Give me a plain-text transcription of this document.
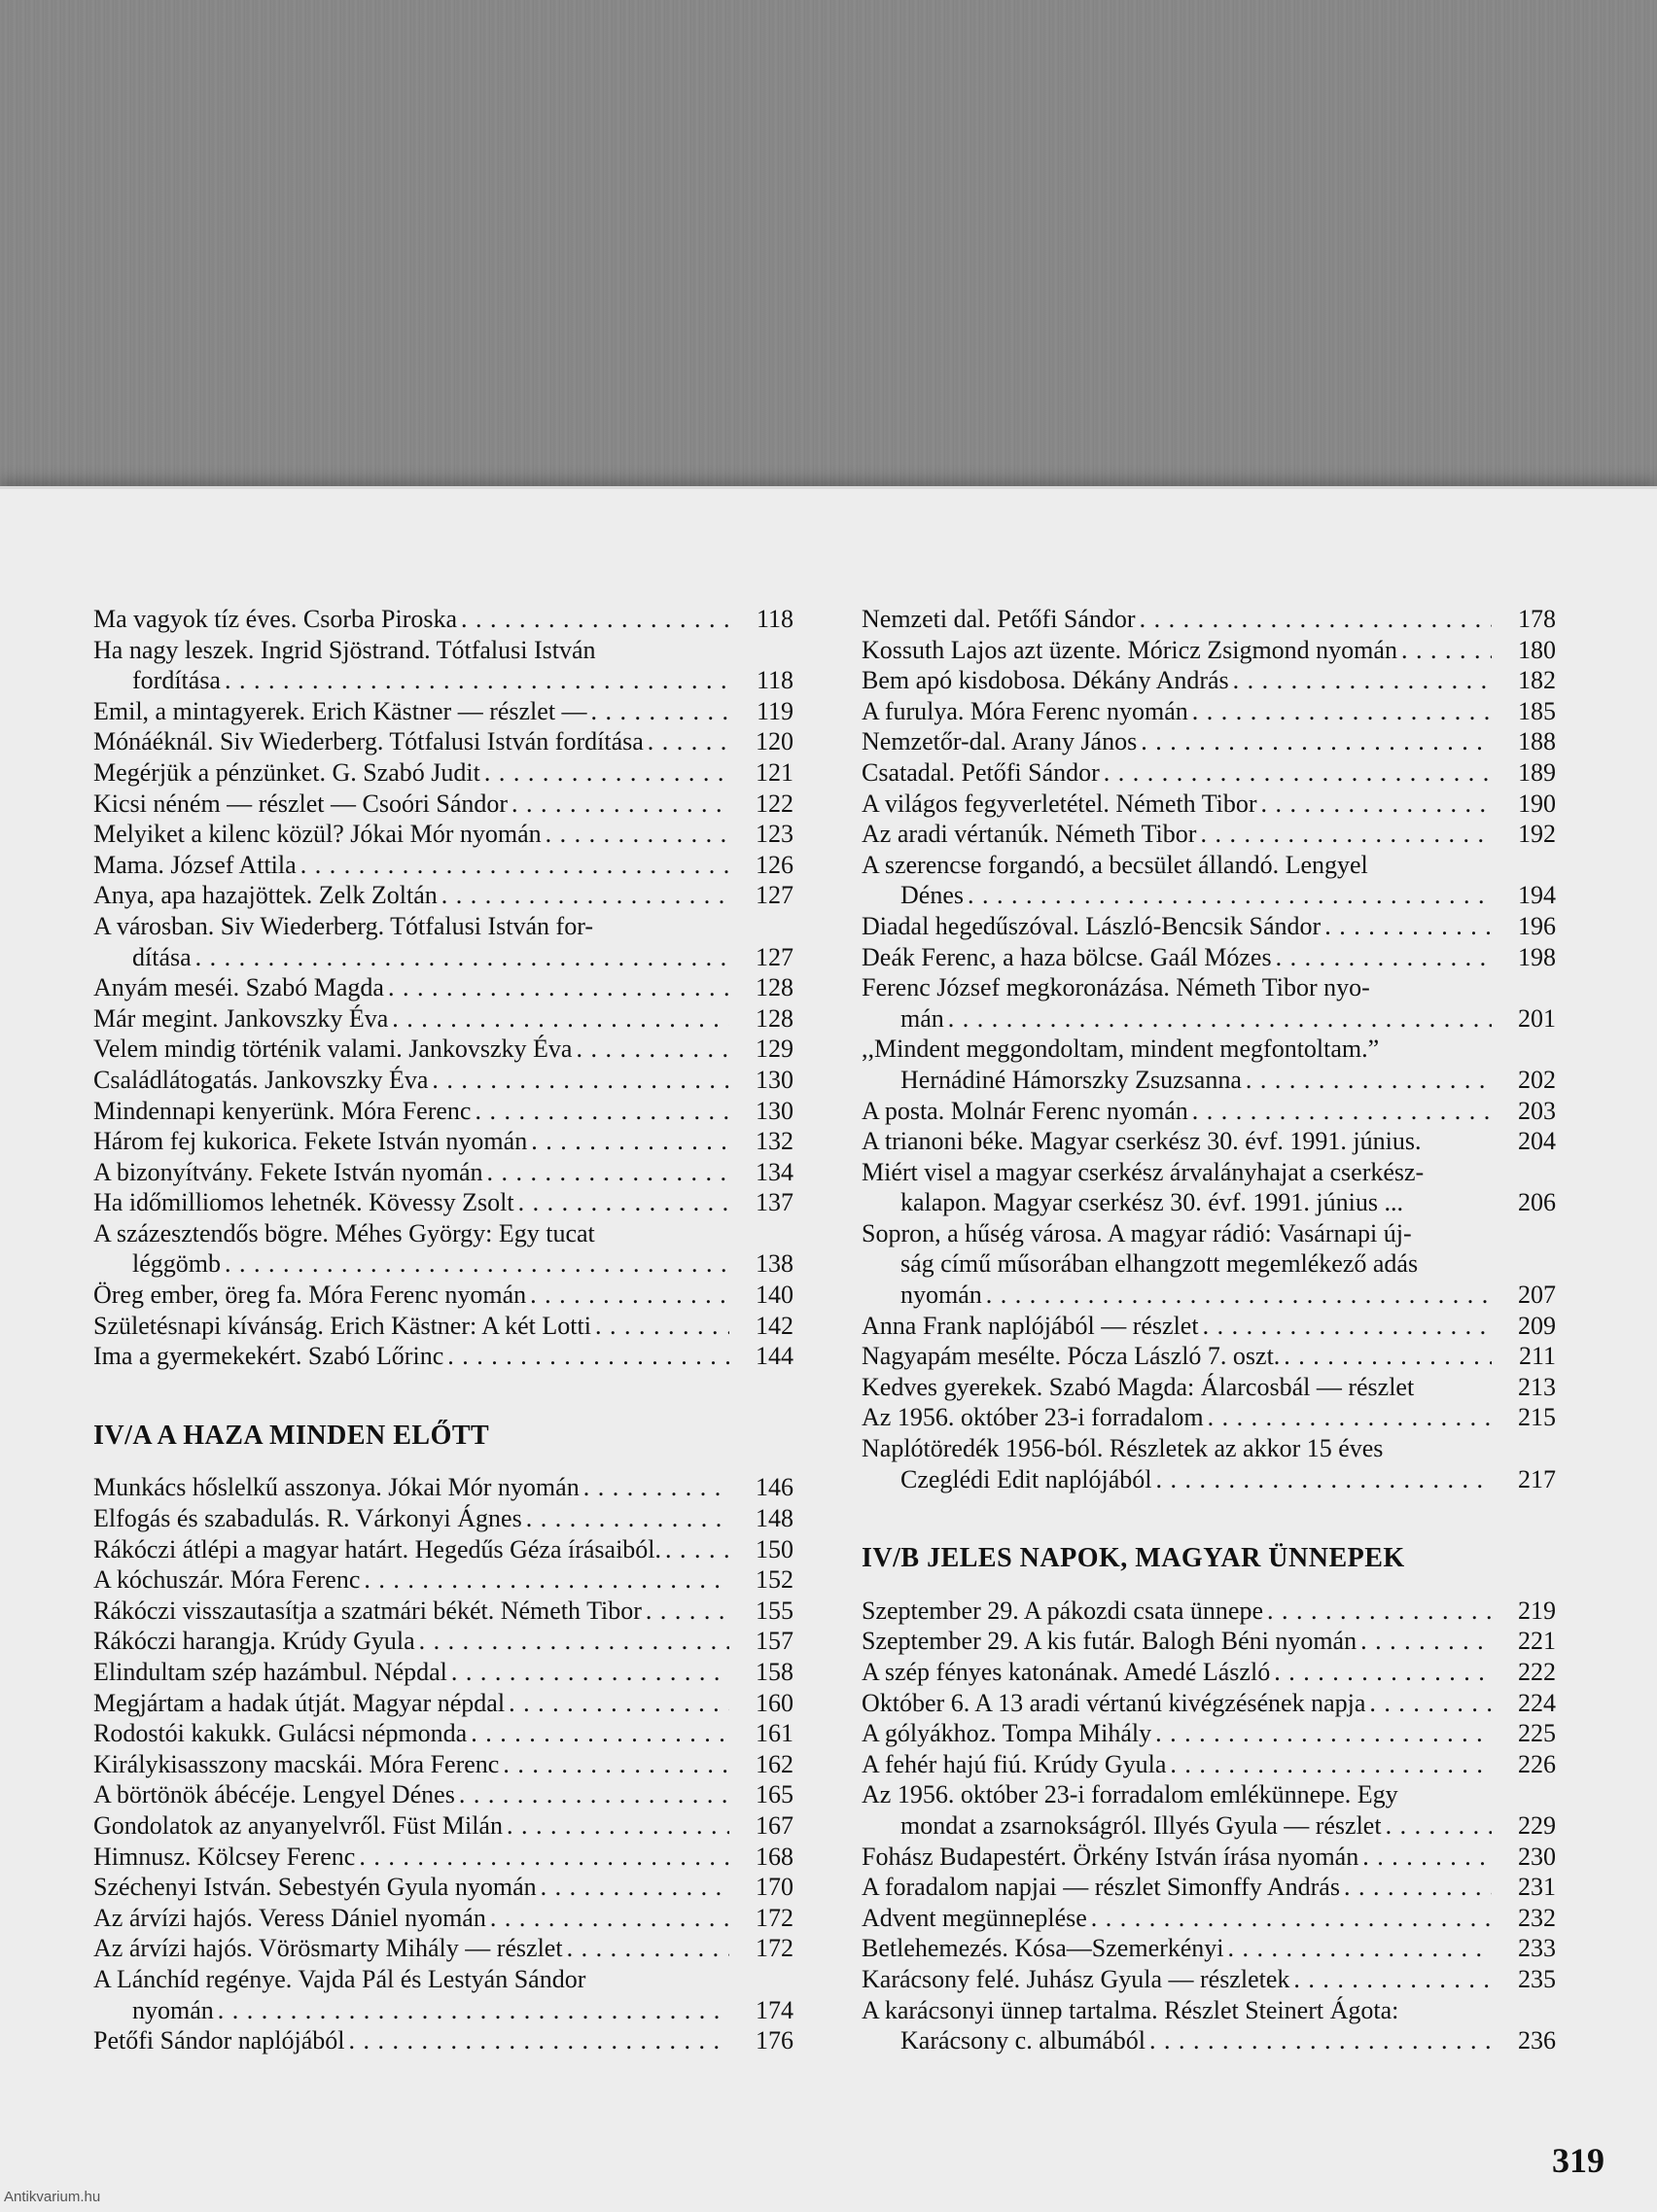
Ma vagyok tíz éves. Csorba Piroska . . .	118
Ha nagy leszek. Ingrid Sjöstrand. Tótfalusi István
fordítása . . .	118
Emil, a mintagyerek. Erich Kästner — részlet — . . .	119
Mónáéknál. Siv Wiederberg. Tótfalusi István fordítása . . .	120
Megérjük a pénzünket. G. Szabó Judit . . .	121
Kicsi néném — részlet — Csoóri Sándor . . .	122
Melyiket a kilenc közül? Jókai Mór nyomán . . .	123
Mama. József Attila . . .	126
Anya, apa hazajöttek. Zelk Zoltán . . .	127
A városban. Siv Wiederberg. Tótfalusi István for-
dítása . . .	127
Anyám meséi. Szabó Magda . . .	128
Már megint. Jankovszky Éva . . .	128
Velem mindig történik valami. Jankovszky Éva . . .	129
Családlátogatás. Jankovszky Éva . . .	130
Mindennapi kenyerünk. Móra Ferenc . . .	130
Három fej kukorica. Fekete István nyomán . . .	132
A bizonyítvány. Fekete István nyomán . . .	134
Ha időmilliomos lehetnék. Kövessy Zsolt . . .	137
A százesztendős bögre. Méhes György: Egy tucat
léggömb . . .	138
Öreg ember, öreg fa. Móra Ferenc nyomán . . .	140
Születésnapi kívánság. Erich Kästner: A két Lotti . . .	142
Ima a gyermekekért. Szabó Lőrinc . . .	144
IV/A A HAZA MINDEN ELŐTT
Munkács hőslelkű asszonya. Jókai Mór nyomán . . .	146
Elfogás és szabadulás. R. Várkonyi Ágnes . . .	148
Rákóczi átlépi a magyar határt. Hegedűs Géza írásaiból. . . .	150
A kóchuszár. Móra Ferenc . . .	152
Rákóczi visszautasítja a szatmári békét. Németh Tibor . . .	155
Rákóczi harangja. Krúdy Gyula . . .	157
Elindultam szép hazámbul. Népdal . . .	158
Megjártam a hadak útját. Magyar népdal . . .	160
Rodostói kakukk. Gulácsi népmonda . . .	161
Királykisasszony macskái. Móra Ferenc . . .	162
A börtönök ábécéje. Lengyel Dénes . . .	165
Gondolatok az anyanyelvről. Füst Milán . . .	167
Himnusz. Kölcsey Ferenc . . .	168
Széchenyi István. Sebestyén Gyula nyomán . . .	170
Az árvízi hajós. Veress Dániel nyomán . . .	172
Az árvízi hajós. Vörösmarty Mihály — részlet . . .	172
A Lánchíd regénye. Vajda Pál és Lestyán Sándor
nyomán . . .	174
Petőfi Sándor naplójából . . .	176
Nemzeti dal. Petőfi Sándor . . .	178
Kossuth Lajos azt üzente. Móricz Zsigmond nyomán . . .	180
Bem apó kisdobosa. Dékány András . . .	182
A furulya. Móra Ferenc nyomán . . .	185
Nemzetőr-dal. Arany János . . .	188
Csatadal. Petőfi Sándor . . .	189
A világos fegyverletétel. Németh Tibor . . .	190
Az aradi vértanúk. Németh Tibor . . .	192
A szerencse forgandó, a becsület állandó. Lengyel
Dénes . . .	194
Diadal hegedűszóval. László-Bencsik Sándor . . .	196
Deák Ferenc, a haza bölcse. Gaál Mózes . . .	198
Ferenc József megkoronázása. Németh Tibor nyo-
mán . . .	201
,,Mindent meggondoltam, mindent megfontoltam.”
Hernádiné Hámorszky Zsuzsanna . . .	202
A posta. Molnár Ferenc nyomán . . .	203
A trianoni béke. Magyar cserkész 30. évf. 1991. június.	204
Miért visel a magyar cserkész árvalányhajat a cserkész-
kalapon. Magyar cserkész 30. évf. 1991. június ...	206
Sopron, a hűség városa. A magyar rádió: Vasárnapi új-
ság című műsorában elhangzott megemlékező adás
nyomán . . .	207
Anna Frank naplójából — részlet . . .	209
Nagyapám mesélte. Pócza László 7. oszt. . . .	211
Kedves gyerekek. Szabó Magda: Álarcosbál — részlet	213
Az 1956. október 23-i forradalom . . .	215
Naplótöredék 1956-ból. Részletek az akkor 15 éves
Czeglédi Edit naplójából . . .	217
IV/B JELES NAPOK, MAGYAR ÜNNEPEK
Szeptember 29. A pákozdi csata ünnepe . . .	219
Szeptember 29. A kis futár. Balogh Béni nyomán . . .	221
A szép fényes katonának. Amedé László . . .	222
Október 6. A 13 aradi vértanú kivégzésének napja . . .	224
A gólyákhoz. Tompa Mihály . . .	225
A fehér hajú fiú. Krúdy Gyula . . .	226
Az 1956. október 23-i forradalom emlékünnepe. Egy
mondat a zsarnokságról. Illyés Gyula — részlet . . .	229
Fohász Budapestért. Örkény István írása nyomán . . .	230
A foradalom napjai — részlet Simonffy András . . .	231
Advent megünneplése . . .	232
Betlehemezés. Kósa—Szemerkényi . . .	233
Karácsony felé. Juhász Gyula — részletek . . .	235
A karácsonyi ünnep tartalma. Részlet Steinert Ágota:
Karácsony c. albumából . . .	236
319
Antikvarium.hu
